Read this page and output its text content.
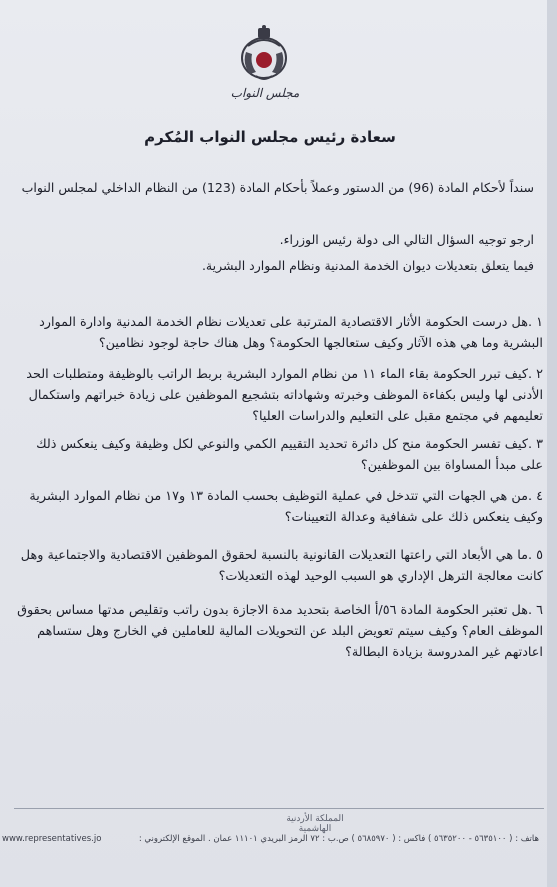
مجلس النواب
سعادة رئيس مجلس النواب المُكرم

سنداً لأحكام المادة (96) من الدستور وعملاً بأحكام المادة (123) من النظام الداخلي لمجلس النواب

ارجو توجيه السؤال التالي الى دولة رئيس الوزراء.

فيما يتعلق بتعديلات ديوان الخدمة المدنية ونظام الموارد البشرية.

١ .هل درست الحكومة الأثار الاقتصادية المترتبة على تعديلات نظام الخدمة المدنية وادارة الموارد البشرية وما هي هذه الآثار وكيف ستعالجها الحكومة؟ وهل هناك حاجة لوجود نظامين؟

٢ .كيف تبرر الحكومة بقاء الماء ١١ من نظام الموارد البشرية بربط الراتب بالوظيفة ومتطلبات الحد الأدنى لها وليس بكفاءة الموظف وخبرته وشهاداته بتشجيع الموظفين على زيادة خبراتهم واستكمال تعليمهم في مجتمع مقبل على التعليم والدراسات العليا؟

٣ .كيف تفسر الحكومة منح كل دائرة تحديد التقييم الكمي والنوعي لكل وظيفة وكيف ينعكس ذلك على مبدأ المساواة بين الموظفين؟

٤ .من هي الجهات التي تتدخل في عملية التوظيف بحسب المادة ١٣ و١٧ من نظام الموارد البشرية وكيف ينعكس ذلك على شفافية وعدالة التعيينات؟

٥ .ما هي الأبعاد التي راعتها التعديلات القانونية بالنسبة لحقوق الموظفين الاقتصادية والاجتماعية وهل كانت معالجة الترهل الإداري هو السبب الوحيد لهذه التعديلات؟

٦ .هل تعتبر الحكومة المادة ٥٦/أ الخاصة بتحديد مدة الاجازة بدون راتب وتقليص مدتها مساس بحقوق الموظف العام؟ وكيف سيتم تعويض البلد عن التحويلات المالية للعاملين في الخارج وهل ستساهم اعادتهم غير المدروسة بزيادة البطالة؟

المملكة الأردنية الهاشمية
هاتف : ( ٥٦٣٥١٠٠ - ٥٦٣٥٢٠٠ ) فاكس : ( ٥٦٨٥٩٧٠ ) ص.ب : ٧٢ الرمز البريدي ١١١٠١ عمان . الموقع الإلكتروني :
www.representatives.jo
